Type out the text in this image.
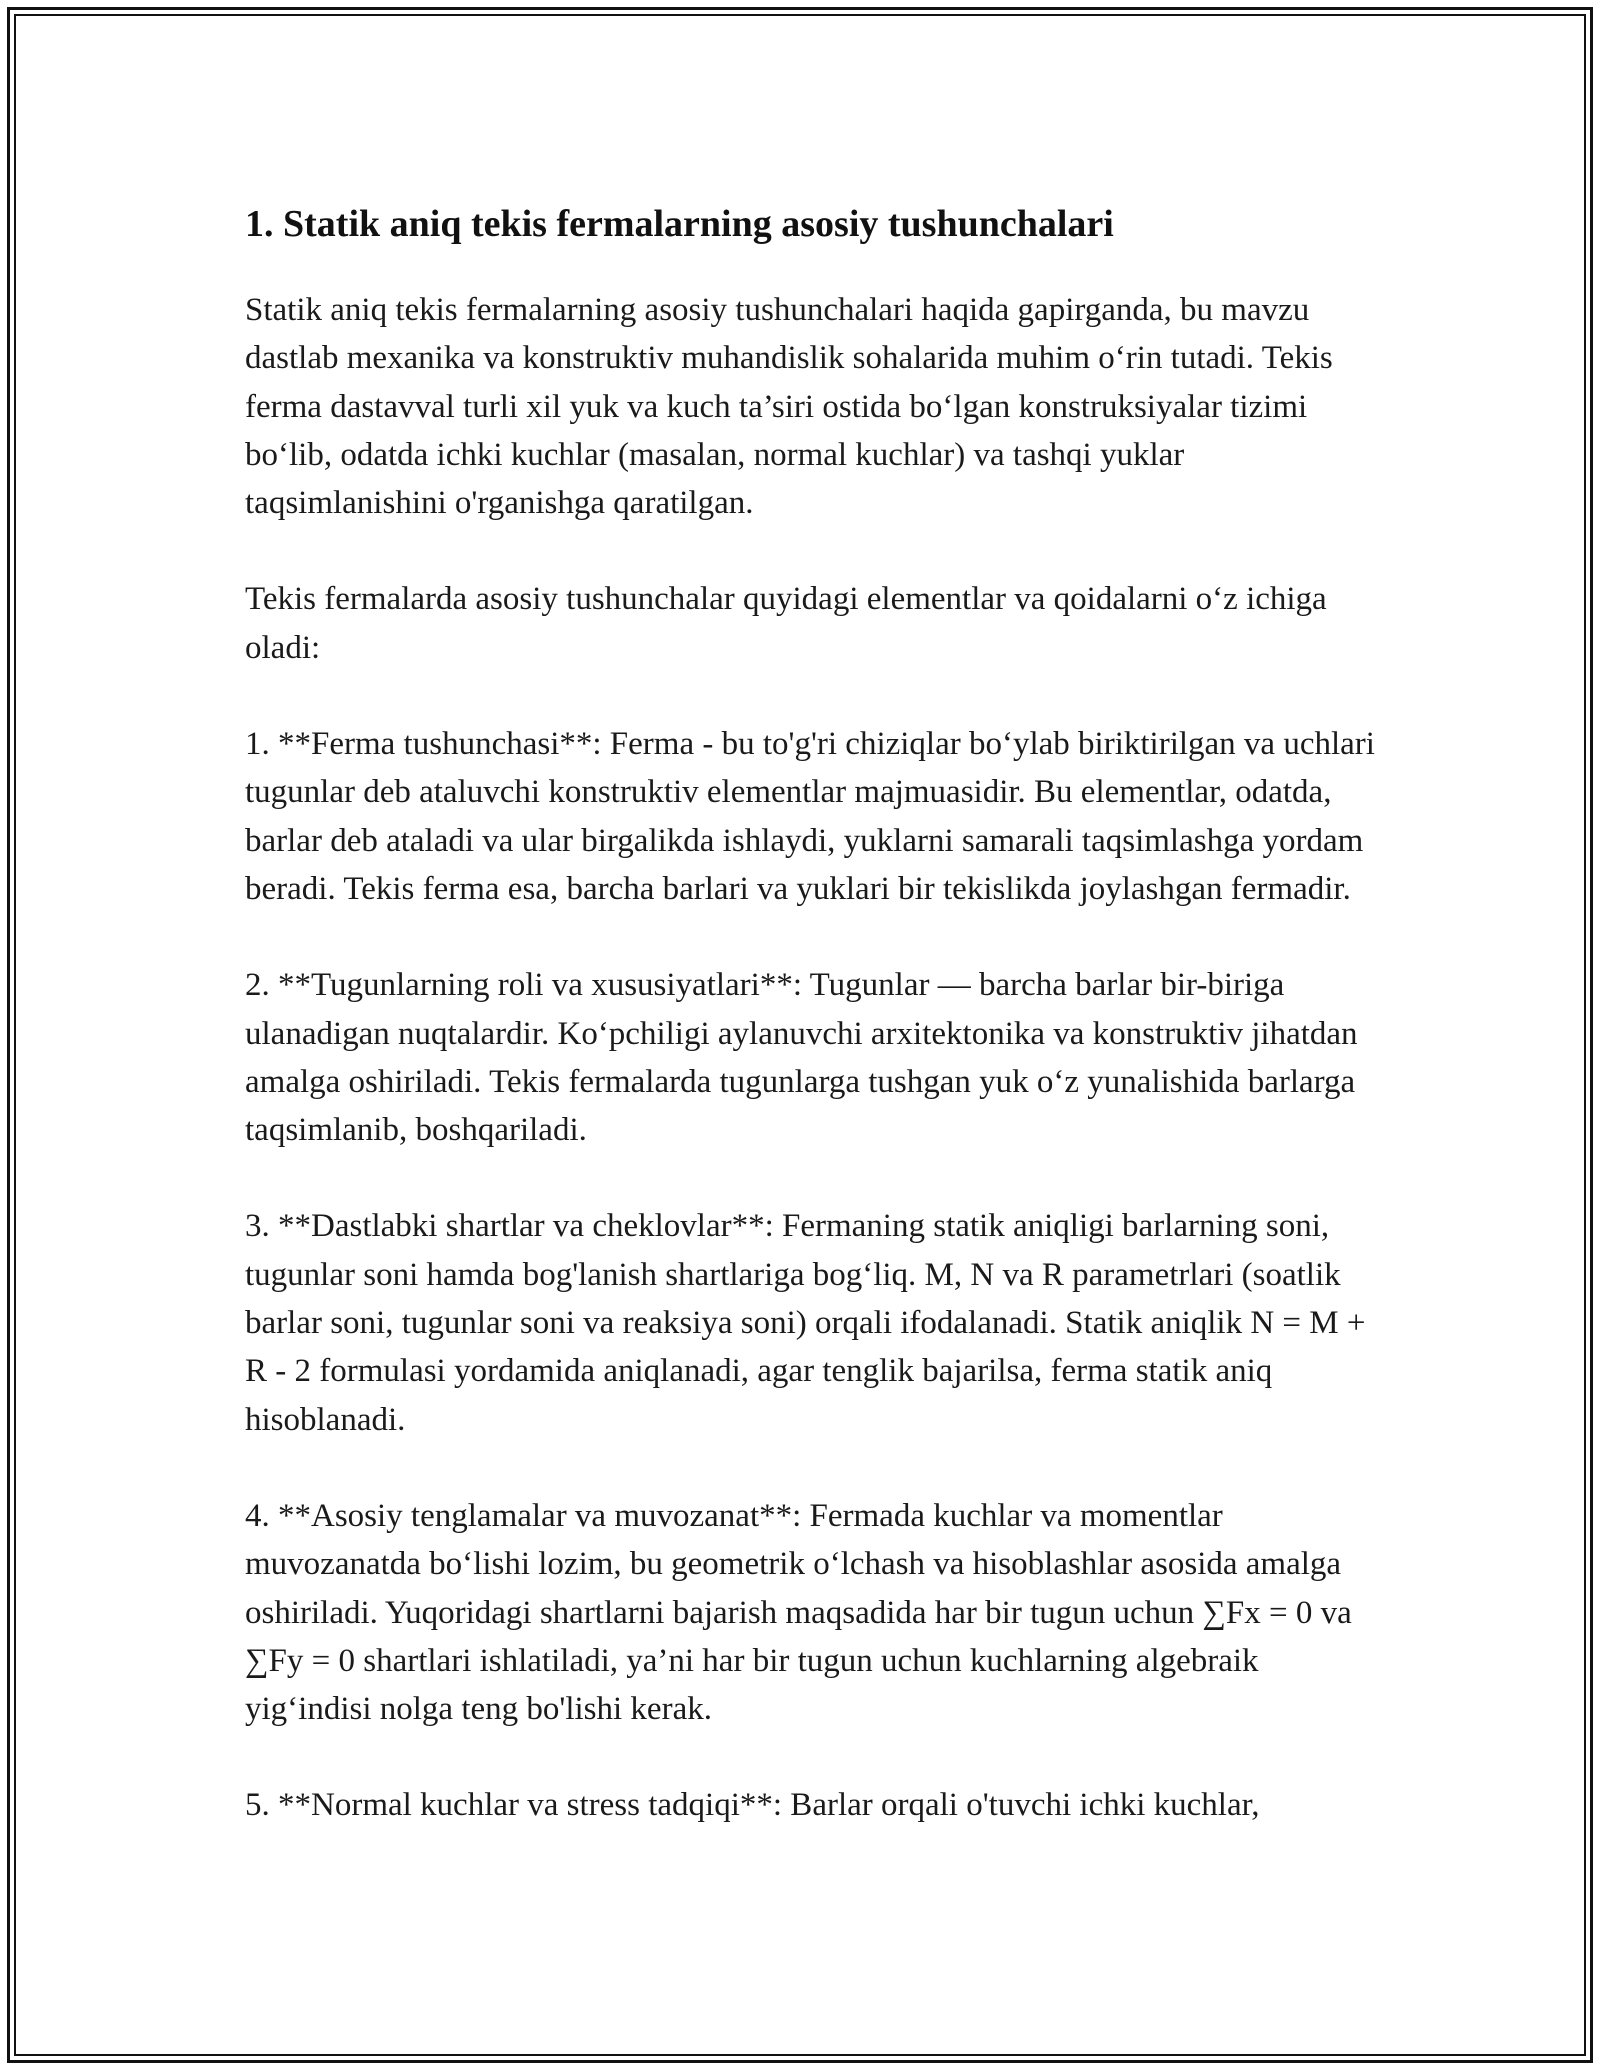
1. Statik aniq tekis fermalarning asosiy tushunchalari

Statik aniq tekis fermalarning asosiy tushunchalari haqida gapirganda, bu mavzu dastlab mexanika va konstruktiv muhandislik sohalarida muhim o‘rin tutadi. Tekis ferma dastavval turli xil yuk va kuch ta’siri ostida bo‘lgan konstruksiyalar tizimi bo‘lib, odatda ichki kuchlar (masalan, normal kuchlar) va tashqi yuklar taqsimlanishini o'rganishga qaratilgan.

Tekis fermalarda asosiy tushunchalar quyidagi elementlar va qoidalarni o‘z ichiga oladi:

1. **Ferma tushunchasi**: Ferma - bu to'g'ri chiziqlar bo‘ylab biriktirilgan va uchlari tugunlar deb ataluvchi konstruktiv elementlar majmuasidir. Bu elementlar, odatda, barlar deb ataladi va ular birgalikda ishlaydi, yuklarni samarali taqsimlashga yordam beradi. Tekis ferma esa, barcha barlari va yuklari bir tekislikda joylashgan fermadir.

2. **Tugunlarning roli va xususiyatlari**: Tugunlar — barcha barlar bir-biriga ulanadigan nuqtalardir. Ko‘pchiligi aylanuvchi arxitektonika va konstruktiv jihatdan amalga oshiriladi. Tekis fermalarda tugunlarga tushgan yuk o‘z yunalishida barlarga taqsimlanib, boshqariladi.

3. **Dastlabki shartlar va cheklovlar**: Fermaning statik aniqligi barlarning soni, tugunlar soni hamda bog'lanish shartlariga bog‘liq. M, N va R parametrlari (soatlik barlar soni, tugunlar soni va reaksiya soni) orqali ifodalanadi. Statik aniqlik N = M + R - 2 formulasi yordamida aniqlanadi, agar tenglik bajarilsa, ferma statik aniq hisoblanadi.

4. **Asosiy tenglamalar va muvozanat**: Fermada kuchlar va momentlar muvozanatda bo‘lishi lozim, bu geometrik o‘lchash va hisoblashlar asosida amalga oshiriladi. Yuqoridagi shartlarni bajarish maqsadida har bir tugun uchun ∑Fx = 0 va ∑Fy = 0 shartlari ishlatiladi, ya’ni har bir tugun uchun kuchlarning algebraik yig‘indisi nolga teng bo'lishi kerak.

5. **Normal kuchlar va stress tadqiqi**: Barlar orqali o'tuvchi ichki kuchlar,
